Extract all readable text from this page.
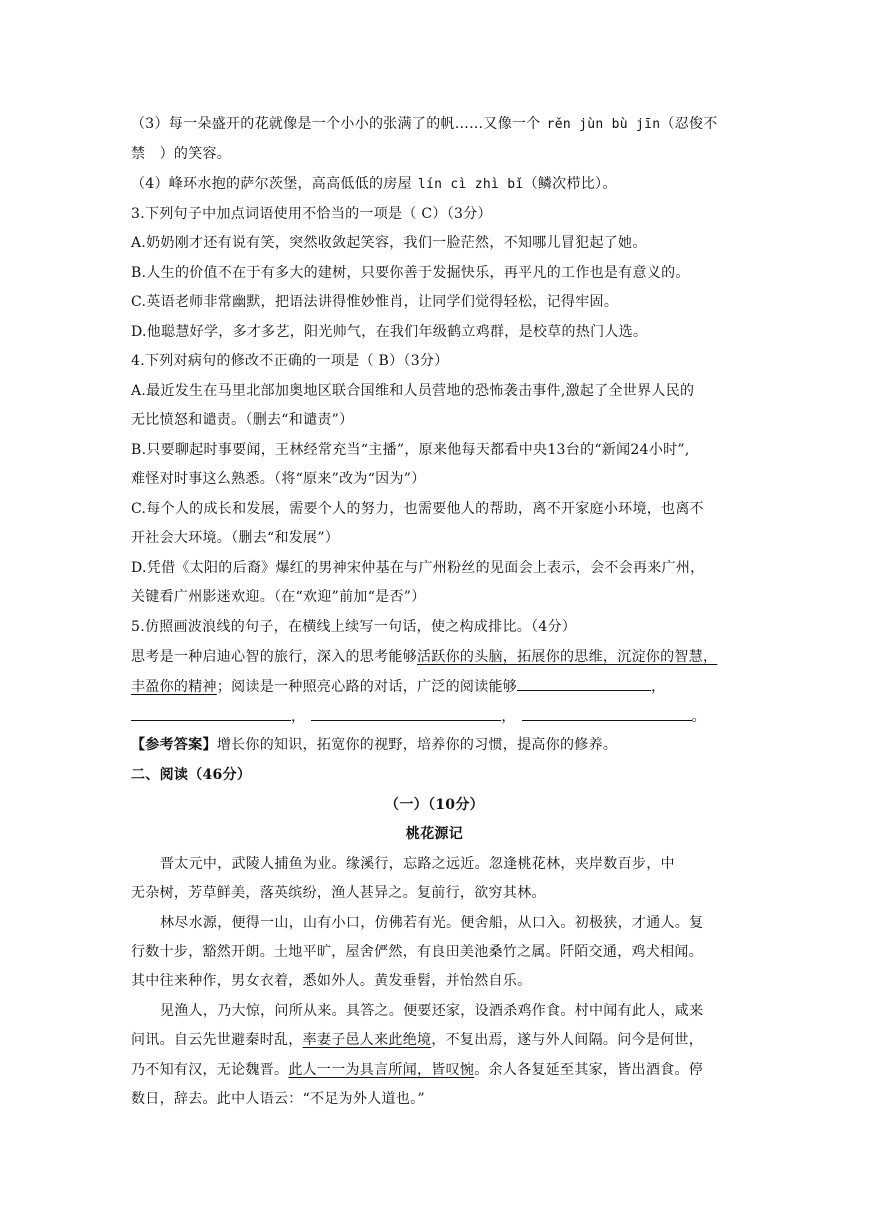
（3）每一朵盛开的花就像是一个小小的张满了的帆……又像一个 rěn jùn bù jīn（忍俊不
禁　）的笑容。
（4）峰环水抱的萨尔茨堡，高高低低的房屋 lín cì zhì bǐ（鳞次栉比）。
3.下列句子中加点词语使用不恰当的一项是（ C）（3分）
A.奶奶刚才还有说有笑，突然收敛起笑容，我们一脸茫然，不知哪儿冒犯起了她。
B.人生的价值不在于有多大的建树，只要你善于发掘快乐，再平凡的工作也是有意义的。
C.英语老师非常幽默，把语法讲得惟妙惟肖，让同学们觉得轻松，记得牢固。
D.他聪慧好学，多才多艺，阳光帅气，在我们年级鹤立鸡群，是校草的热门人选。
4.下列对病句的修改不正确的一项是（ B）（3分）
A.最近发生在马里北部加奥地区联合国维和人员营地的恐怖袭击事件,激起了全世界人民的
无比愤怒和谴责。（删去“和谴责”）
B.只要聊起时事要闻，王林经常充当“主播”，原来他每天都看中央13台的“新闻24小时”,
难怪对时事这么熟悉。（将“原来”改为“因为”）
C.每个人的成长和发展，需要个人的努力，也需要他人的帮助，离不开家庭小环境，也离不
开社会大环境。（删去“和发展”）
D.凭借《太阳的后裔》爆红的男神宋仲基在与广州粉丝的见面会上表示，会不会再来广州，
关键看广州影迷欢迎。（在“欢迎”前加“是否”）
5.仿照画波浪线的句子，在横线上续写一句话，使之构成排比。（4分）
思考是一种启迪心智的旅行，深入的思考能够活跃你的头脑，拓展你的思维，沉淀你的智慧，
丰盈你的精神；阅读是一种照亮心路的对话，广泛的阅读能够	，
，	，	。
【参考答案】增长你的知识，拓宽你的视野，培养你的习惯，提高你的修养。
二、阅读（46分）
（一）（10分）
桃花源记
晋太元中，武陵人捕鱼为业。缘溪行，忘路之远近。忽逢桃花林，夹岸数百步，中
无杂树，芳草鲜美，落英缤纷，渔人甚异之。复前行，欲穷其林。
林尽水源，便得一山，山有小口，仿佛若有光。便舍船，从口入。初极狭，才通人。复
行数十步，豁然开朗。土地平旷，屋舍俨然，有良田美池桑竹之属。阡陌交通，鸡犬相闻。
其中往来种作，男女衣着，悉如外人。黄发垂髫，并怡然自乐。
见渔人，乃大惊，问所从来。具答之。便要还家，设酒杀鸡作食。村中闻有此人，咸来
问讯。自云先世避秦时乱，率妻子邑人来此绝境，不复出焉，遂与外人间隔。问今是何世，
乃不知有汉，无论魏晋。此人一一为具言所闻，皆叹惋。余人各复延至其家，皆出酒食。停
数日，辞去。此中人语云：“不足为外人道也。”
